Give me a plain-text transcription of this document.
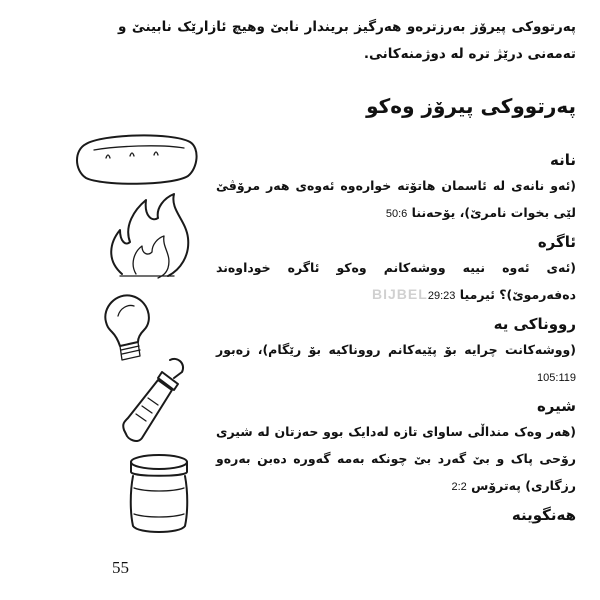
پەرتووکی پیرۆز بەرزترەو هەرگیز بریندار نابێ وهیچ ئازارێک نابینێ و تەمەنی درێژ ترە لە دوژمنەکانی.
پەرتووکی پیرۆز وەکو
نانە
(ئەو نانەی لە ئاسمان هاتۆتە خوارەوە ئەوەی هەر مرۆڤێ لێی بخوات نامرێ)، یۆحەننا 50:6
ئاگرە
(ئەی ئەوە نییە ووشەکانم وەکو ئاگرە خوداوەند دەفەرموێ)؟ ئیرمیا 29:23
رووناکی یە
(ووشەکانت چرایە بۆ پێیەکانم رووناکیە بۆ رێگام)، زەبور 105:119
شیرە
(هەر وەک منداڵی ساوای تازە لەدایک بوو حەزتان لە شیری رۆحی پاک و بێ گەرد بێ چونکە بەمە گەورە دەبن بەرەو رزگاری) پەترۆس 2:2
هەنگوینە
BIJBEL
55
